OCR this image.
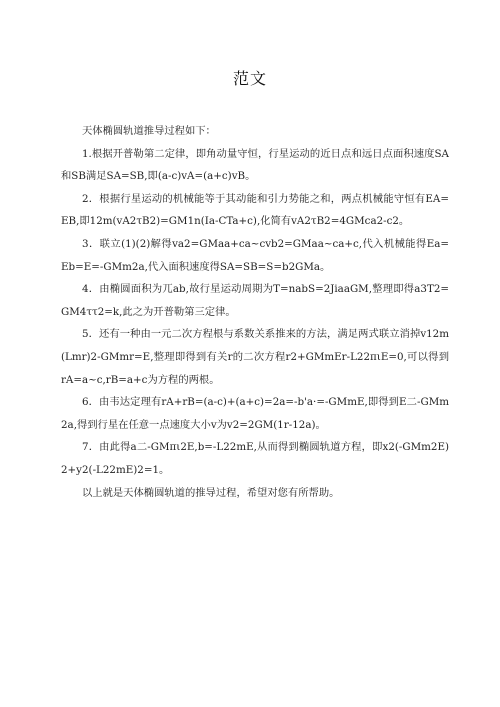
范文

天体椭圆轨道推导过程如下：

1.根据开普勒第二定律，即角动量守恒，行星运动的近日点和远日点面积速度SA和SB满足SA=SB,即(a-c)vA=(a+c)vB。

2．根据行星运动的机械能等于其动能和引力势能之和，两点机械能守恒有EA=EB,即12m(vA2τB2)=GM1n(Ia-CTa+c),化简有vA2τB2=4GMca2-c2。

3．联立(1)(2)解得va2=GMaa+ca~cvb2=GMaa~ca+c,代入机械能得Ea=Eb=E=-GMm2a,代入面积速度得SA=SB=S=b2GMa。

4．由椭圆面积为兀ab,故行星运动周期为T=nabS=2JiaaGM,整理即得a3T2=GM4ττ2=k,此之为开普勒第三定律。

5．还有一种由一元二次方程根与系数关系推来的方法，满足两式联立消掉v12m(Lmr)2-GMmr=E,整理即得到有关r的二次方程r2+GMmEr-L22πιE=0,可以得到rA=a~c,rB=a+c为方程的两根。

6．由韦达定理有rA+rB=(a-c)+(a+c)=2a=-b'a·=-GMmE,即得到E二-GMm2a,得到行星在任意一点速度大小v为v2=2GM(1r-12a)。

7．由此得a二-GMπι2E,b=-L22mE,从而得到椭圆轨道方程，即x2(-GMm2E)2+y2(-L22mE)2=1。

以上就是天体椭圆轨道的推导过程，希望对您有所帮助。
